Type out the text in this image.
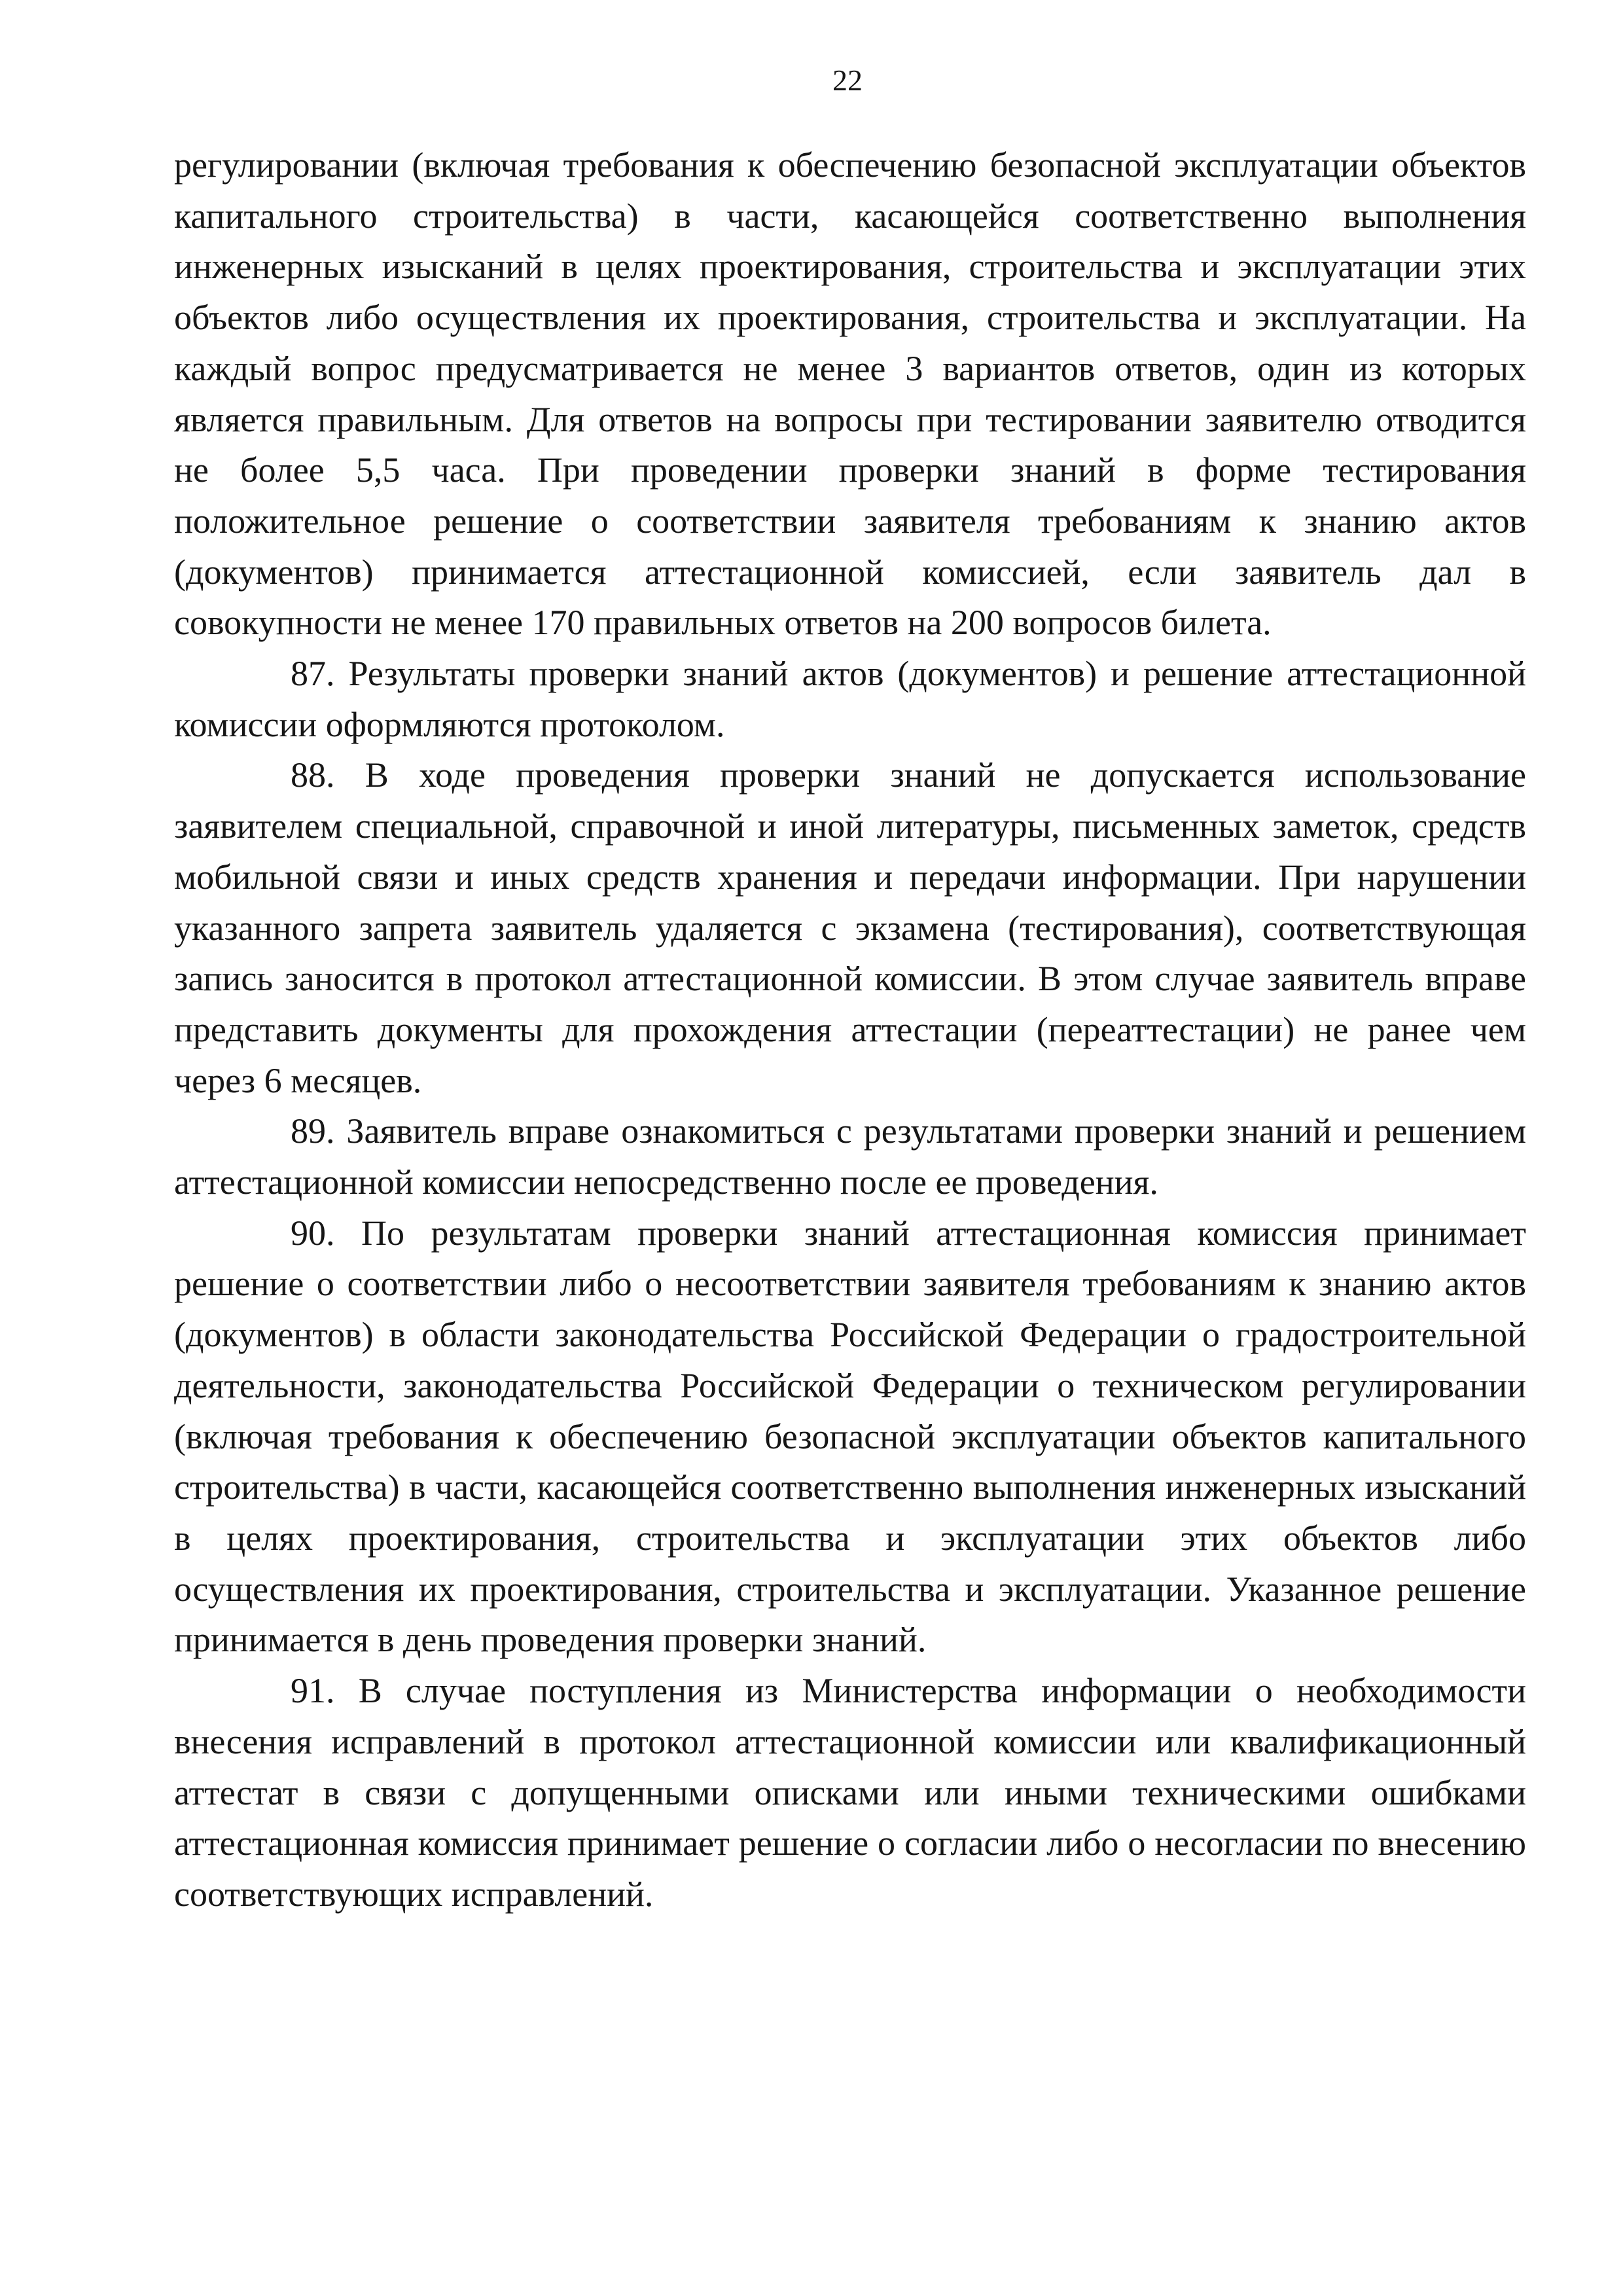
22

регулировании (включая требования к обеспечению безопасной эксплуатации объектов капитального строительства) в части, касающейся соответственно выполнения инженерных изысканий в целях проектирования, строительства и эксплуатации этих объектов либо осуществления их проектирования, строительства и эксплуатации. На каждый вопрос предусматривается не менее 3 вариантов ответов, один из которых является правильным. Для ответов на вопросы при тестировании заявителю отводится не более 5,5 часа. При проведении проверки знаний в форме тестирования положительное решение о соответствии заявителя требованиям к знанию актов (документов) принимается аттестационной комиссией, если заявитель дал в совокупности не менее 170 правильных ответов на 200 вопросов билета.

87. Результаты проверки знаний актов (документов) и решение аттестационной комиссии оформляются протоколом.

88. В ходе проведения проверки знаний не допускается использование заявителем специальной, справочной и иной литературы, письменных заметок, средств мобильной связи и иных средств хранения и передачи информации. При нарушении указанного запрета заявитель удаляется с экзамена (тестирования), соответствующая запись заносится в протокол аттестационной комиссии. В этом случае заявитель вправе представить документы для прохождения аттестации (переаттестации) не ранее чем через 6 месяцев.

89. Заявитель вправе ознакомиться с результатами проверки знаний и решением аттестационной комиссии непосредственно после ее проведения.

90. По результатам проверки знаний аттестационная комиссия принимает решение о соответствии либо о несоответствии заявителя требованиям к знанию актов (документов) в области законодательства Российской Федерации о градостроительной деятельности, законодательства Российской Федерации о техническом регулировании (включая требования к обеспечению безопасной эксплуатации объектов капитального строительства) в части, касающейся соответственно выполнения инженерных изысканий в целях проектирования, строительства и эксплуатации этих объектов либо осуществления их проектирования, строительства и эксплуатации. Указанное решение принимается в день проведения проверки знаний.

91. В случае поступления из Министерства информации о необходимости внесения исправлений в протокол аттестационной комиссии или квалификационный аттестат в связи с допущенными описками или иными техническими ошибками аттестационная комиссия принимает решение о согласии либо о несогласии по внесению соответствующих исправлений.
